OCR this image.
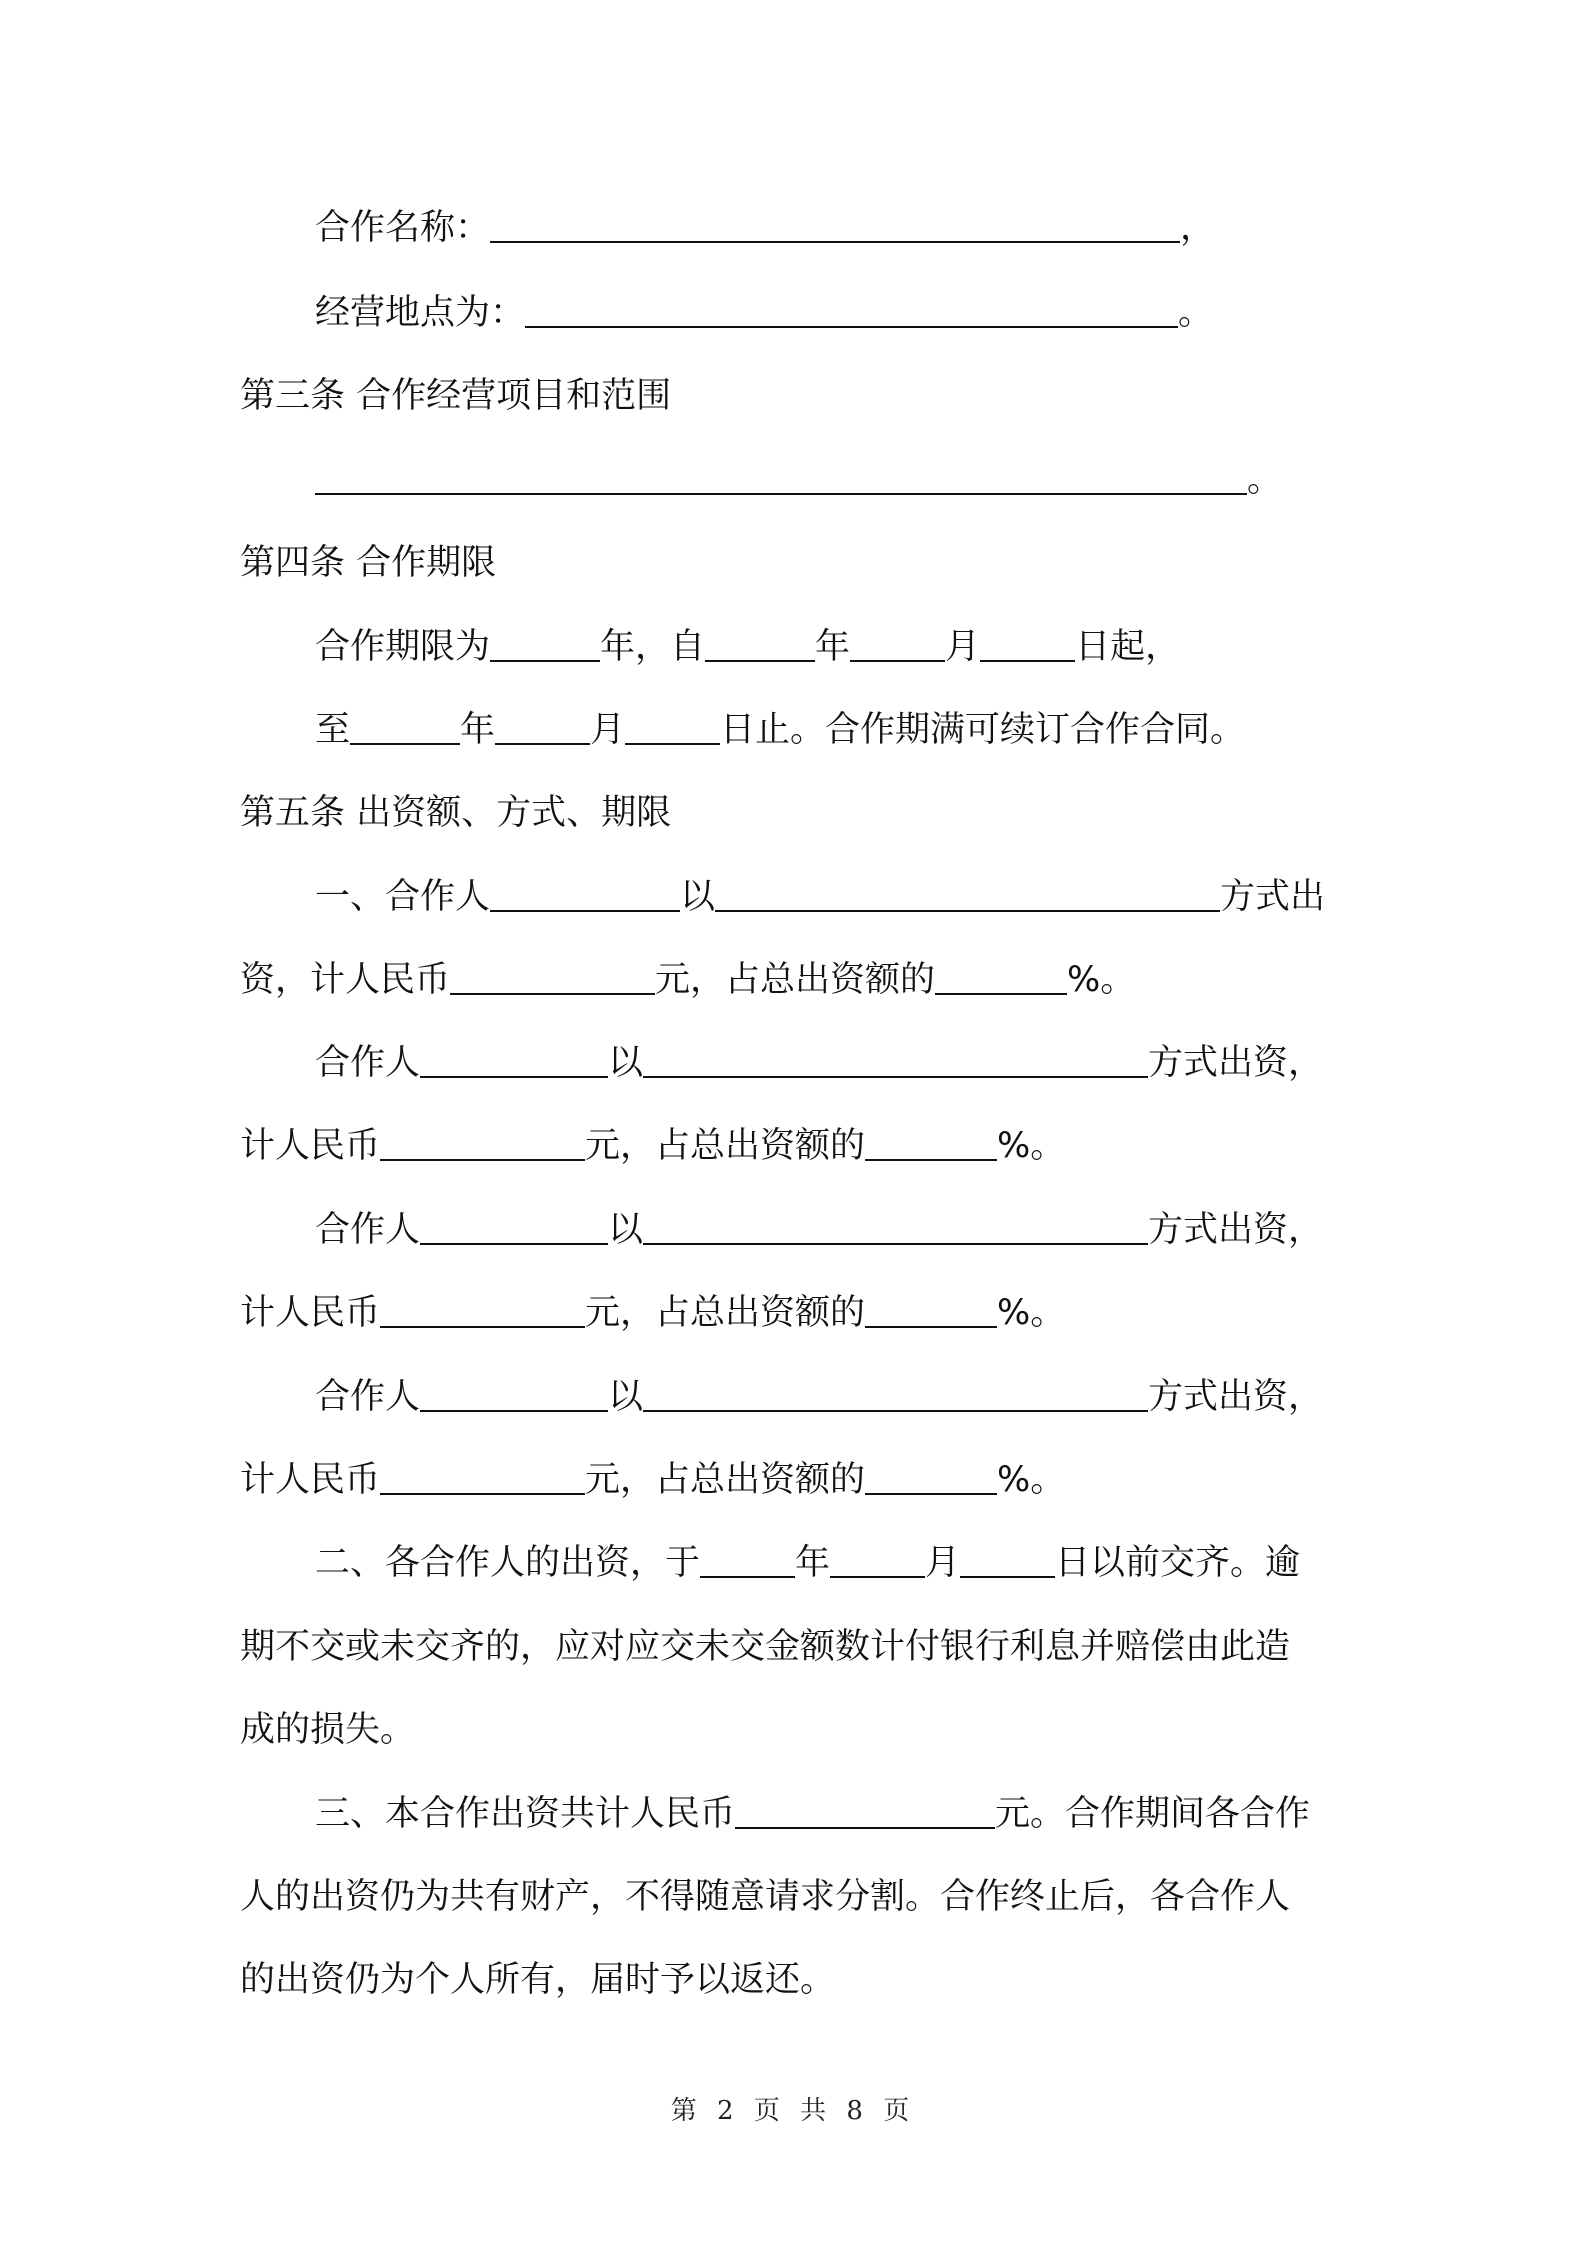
合作名称：	，
经营地点为：	。
第三条 合作经营项目和范围
。
第四条 合作期限
合作期限为	年，自	年	月	日起，
至	年	月	日止。合作期满可续订合作合同。
第五条 出资额、方式、期限
一、合作人	以	方式出
资，计人民币	元，占总出资额的	%。
合作人	以	方式出资，
计人民币	元，占总出资额的	%。
合作人	以	方式出资，
计人民币	元，占总出资额的	%。
合作人	以	方式出资，
计人民币	元，占总出资额的	%。
二、各合作人的出资，于	年	月	日以前交齐。逾
期不交或未交齐的，应对应交未交金额数计付银行利息并赔偿由此造
成的损失。
三、本合作出资共计人民币	元。合作期间各合作
人的出资仍为共有财产，不得随意请求分割。合作终止后，各合作人
的出资仍为个人所有，届时予以返还。
第 2 页 共 8 页
